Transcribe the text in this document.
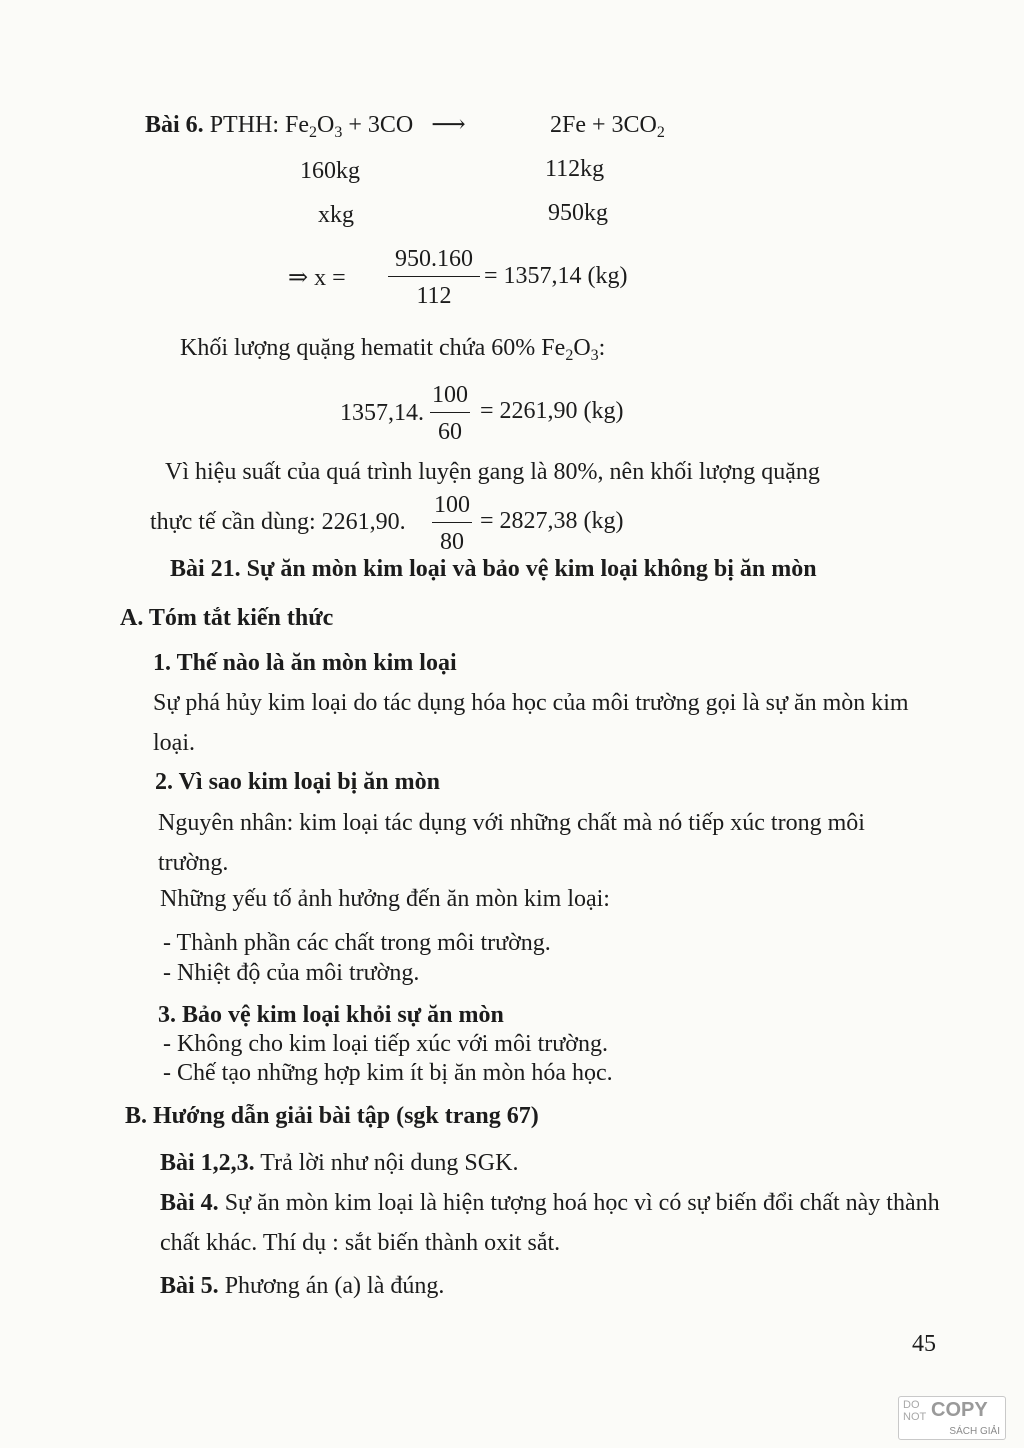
Bài 6. PTHH: $Fe_2O_3 + 3CO$ ⟶	$2Fe + 3CO_2$
160kg	112kg
xkg	950kg
⇒ x =
950.160
112
= 1357,14 (kg)
Khối lượng quặng hematit chứa 60% $Fe_2O_3$:
1357,14.
100
60
= 2261,90 (kg)
Vì hiệu suất của quá trình luyện gang là 80%, nên khối lượng quặng
thực tế cần dùng: 2261,90.
100
80
= 2827,38 (kg)
Bài 21. Sự ăn mòn kim loại và bảo vệ kim loại không bị ăn mòn
A. Tóm tắt kiến thức
1. Thế nào là ăn mòn kim loại
Sự phá hủy kim loại do tác dụng hóa học của môi trường gọi là sự ăn mòn kim loại.
2. Vì sao kim loại bị ăn mòn
Nguyên nhân: kim loại tác dụng với những chất mà nó tiếp xúc trong môi trường.
Những yếu tố ảnh hưởng đến ăn mòn kim loại:
- Thành phần các chất trong môi trường.
- Nhiệt độ của môi trường.
3. Bảo vệ kim loại khỏi sự ăn mòn
- Không cho kim loại tiếp xúc với môi trường.
- Chế tạo những hợp kim ít bị ăn mòn hóa học.
B. Hướng dẫn giải bài tập (sgk trang 67)
Bài 1,2,3. Trả lời như nội dung SGK.
Bài 4. Sự ăn mòn kim loại là hiện tượng hoá học vì có sự biến đổi chất này thành chất khác. Thí dụ : sắt biến thành oxit sắt.
Bài 5. Phương án (a) là đúng.
45
DO
NOT COPY
SÁCH GIẢI
